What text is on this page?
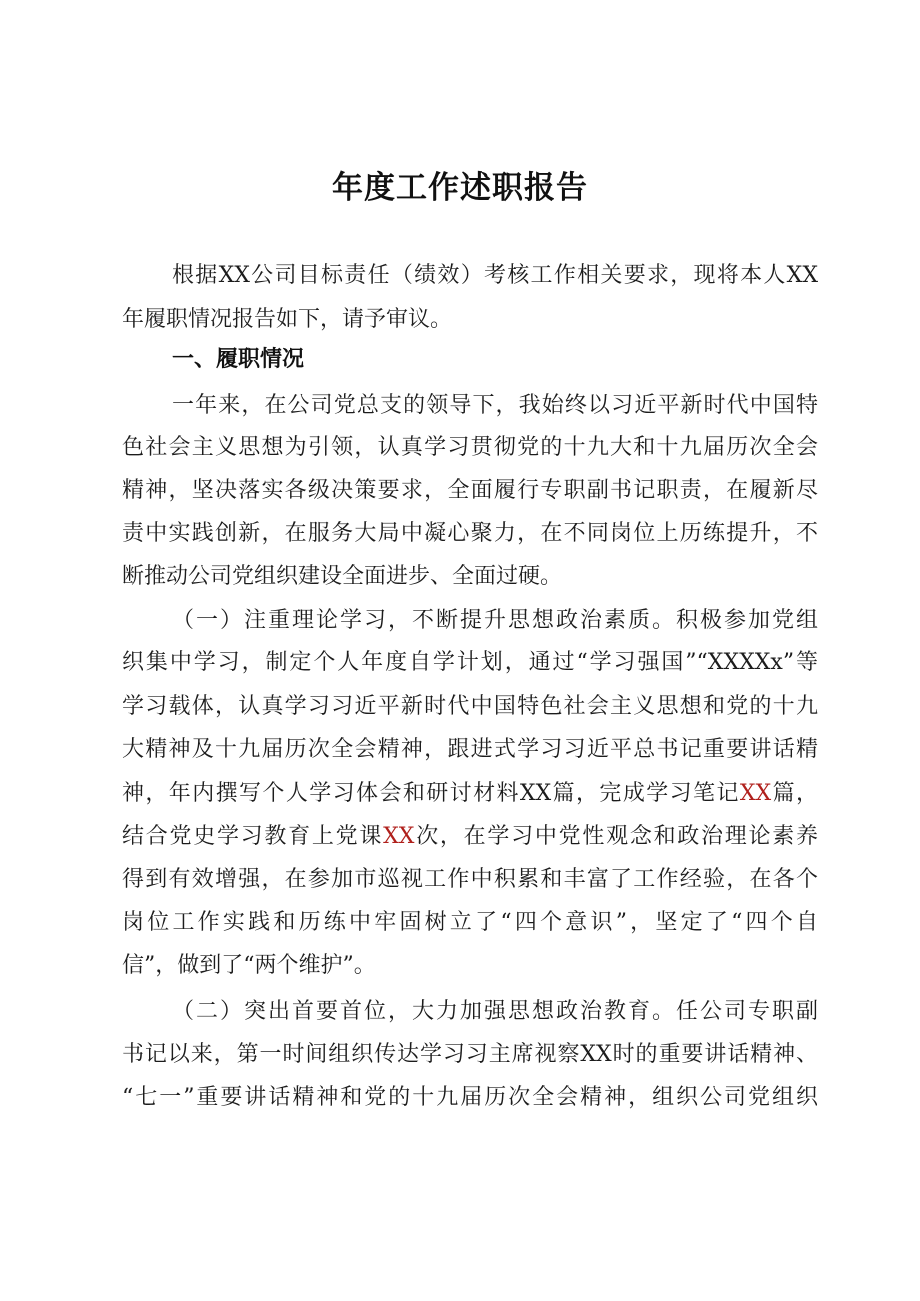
年度工作述职报告
根据XX公司目标责任（绩效）考核工作相关要求，现将本人XX
年履职情况报告如下，请予审议。
一、履职情况
一年来，在公司党总支的领导下，我始终以习近平新时代中国特
色社会主义思想为引领，认真学习贯彻党的十九大和十九届历次全会
精神，坚决落实各级决策要求，全面履行专职副书记职责，在履新尽
责中实践创新，在服务大局中凝心聚力，在不同岗位上历练提升，不
断推动公司党组织建设全面进步、全面过硬。
（一）注重理论学习，不断提升思想政治素质。积极参加党组
织集中学习，制定个人年度自学计划，通过“学习强国”“XXXXx”等
学习载体，认真学习习近平新时代中国特色社会主义思想和党的十九
大精神及十九届历次全会精神，跟进式学习习近平总书记重要讲话精
神，年内撰写个人学习体会和研讨材料XX篇，完成学习笔记XX篇，
结合党史学习教育上党课XX次，在学习中党性观念和政治理论素养
得到有效增强，在参加市巡视工作中积累和丰富了工作经验，在各个
岗位工作实践和历练中牢固树立了“四个意识”，坚定了“四个自
信”，做到了“两个维护”。
（二）突出首要首位，大力加强思想政治教育。任公司专职副
书记以来，第一时间组织传达学习习主席视察XX时的重要讲话精神、
“七一”重要讲话精神和党的十九届历次全会精神，组织公司党组织
